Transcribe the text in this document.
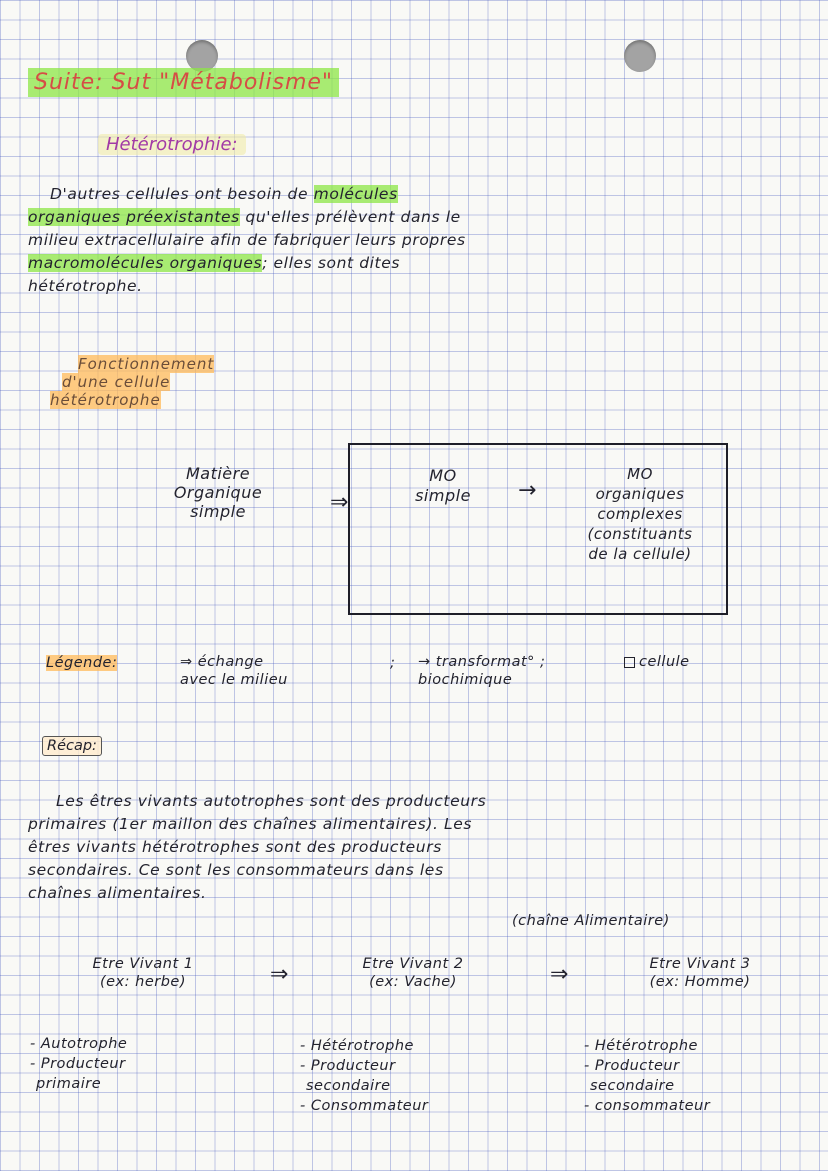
Suite: Sut "Métabolisme"
Hétérotrophie:
D'autres cellules ont besoin de molécules
organiques préexistantes qu'elles prélèvent dans le
milieu extracellulaire afin de fabriquer leurs propres
macromolécules organiques; elles sont dites
hétérotrophe.
Fonctionnement
d'une cellule
hétérotrophe
Matière
Organique
simple	⇒
MO
simple	→
MO
organiques
complexes
(constituants
de la cellule)
Légende:	⇒ échange
avec le milieu
; → transformat° ;
biochimique
cellule
Récap:
Les êtres vivants autotrophes sont des producteurs
primaires (1er maillon des chaînes alimentaires). Les
êtres vivants hétérotrophes sont des producteurs
secondaires. Ce sont les consommateurs dans les
chaînes alimentaires.
(chaîne Alimentaire)
Etre Vivant 1
(ex: herbe)	⇒	Etre Vivant 2
(ex: Vache)	⇒	Etre Vivant 3
(ex: Homme)
- Autotrophe
- Producteur
primaire
- Hétérotrophe
- Producteur
secondaire
- Consommateur
- Hétérotrophe
- Producteur
secondaire
- consommateur
